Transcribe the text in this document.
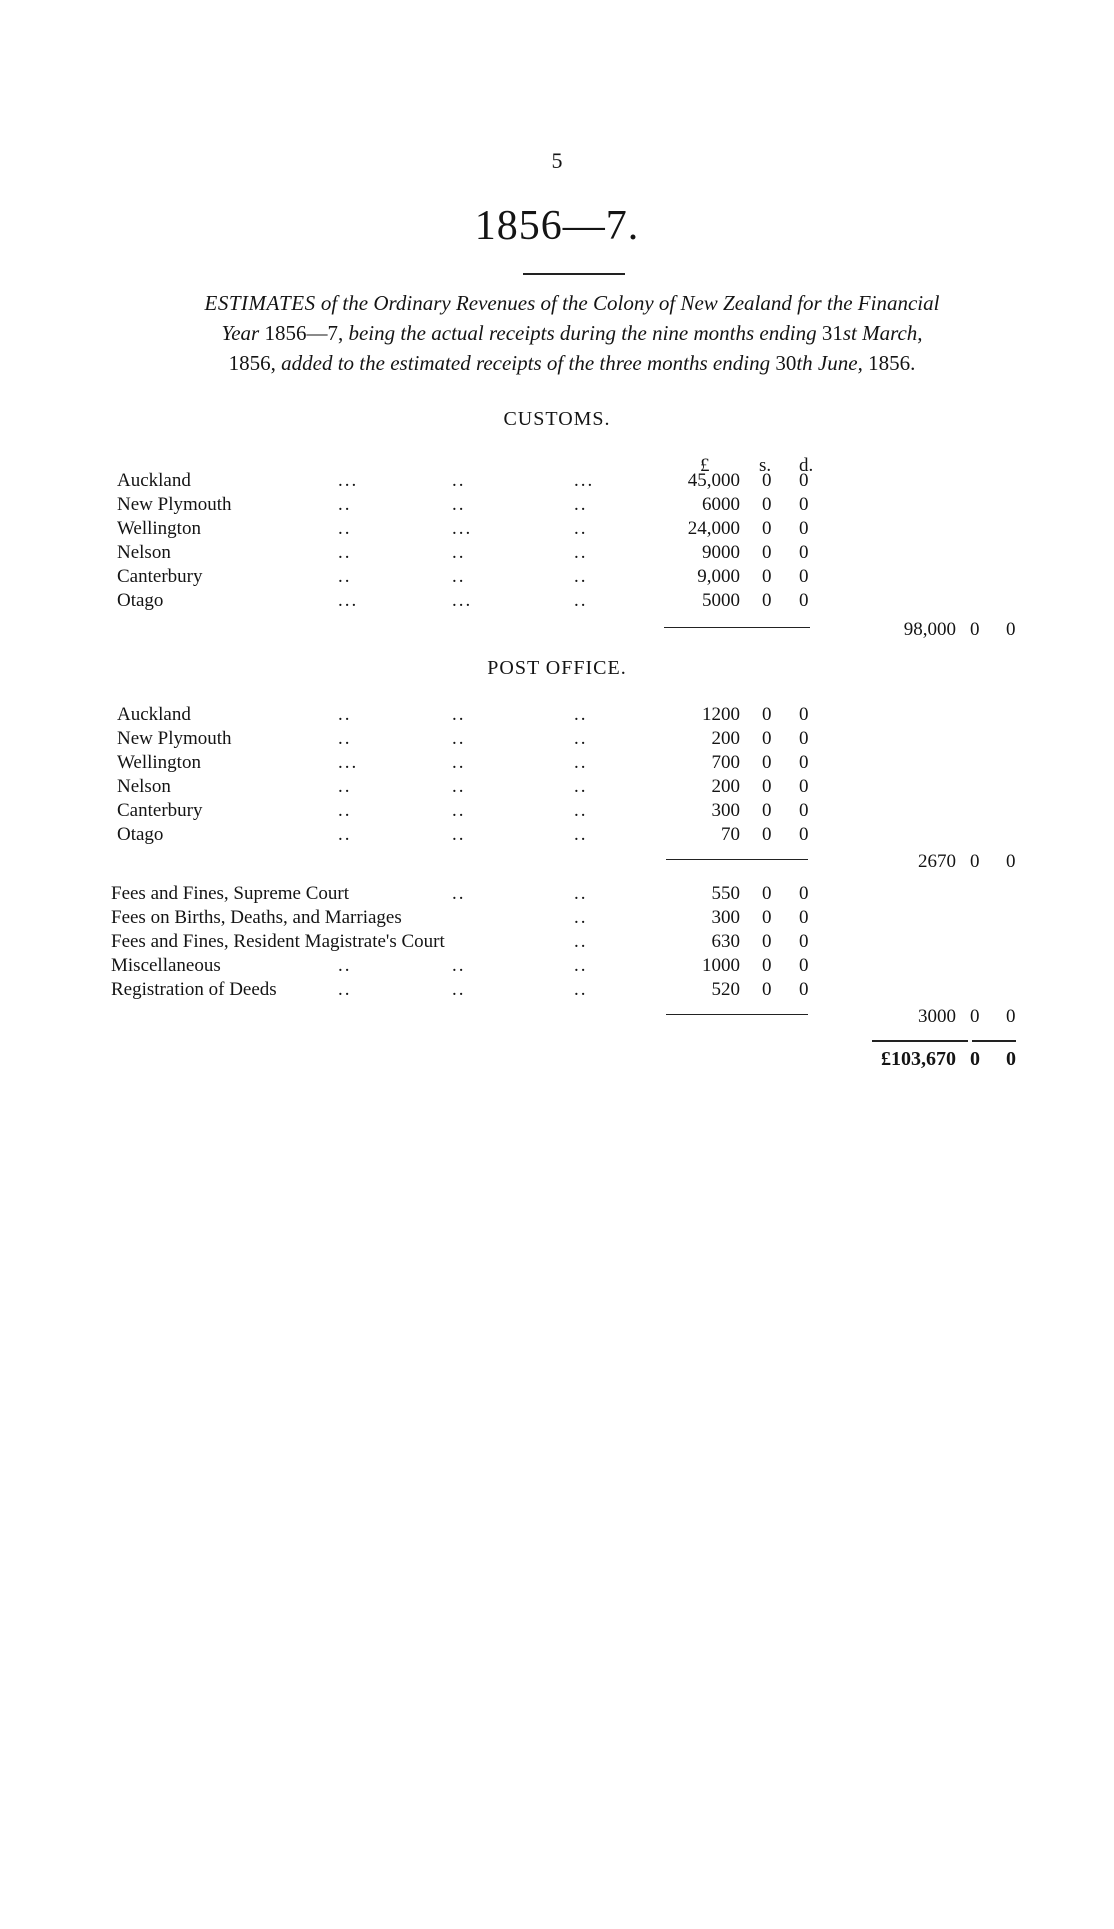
5
1856—7.
ESTIMATES of the Ordinary Revenues of the Colony of New Zealand for the Financial
Year 1856—7, being the actual receipts during the nine months ending 31st March,
1856, added to the estimated receipts of the three months ending 30th June, 1856.
CUSTOMS.
£	s. d.
Auckland	...	..	...	45,000 0 0
New Plymouth	..	..	..	6000 0 0
Wellington	..	...	..	24,000 0 0
Nelson	..	..	..	9000 0 0
Canterbury	..	..	..	9,000 0 0
Otago	...	...	..	5000 0 0
98,000 0 0
POST OFFICE.
Auckland	..	..	..	1200 0 0
New Plymouth	..	..	..	200 0 0
Wellington	...	..	..	700 0 0
Nelson	..	..	..	200 0 0
Canterbury	..	..	..	300 0 0
Otago	..	..	..	70 0 0
2670 0 0
Fees and Fines, Supreme Court	..	..	550 0 0
Fees on Births, Deaths, and Marriages	..	300 0 0
Fees and Fines, Resident Magistrate's Court	..	630 0 0
Miscellaneous	..	..	..	1000 0 0
Registration of Deeds	..	..	..	520 0 0
3000 0 0
£103,670 0 0
